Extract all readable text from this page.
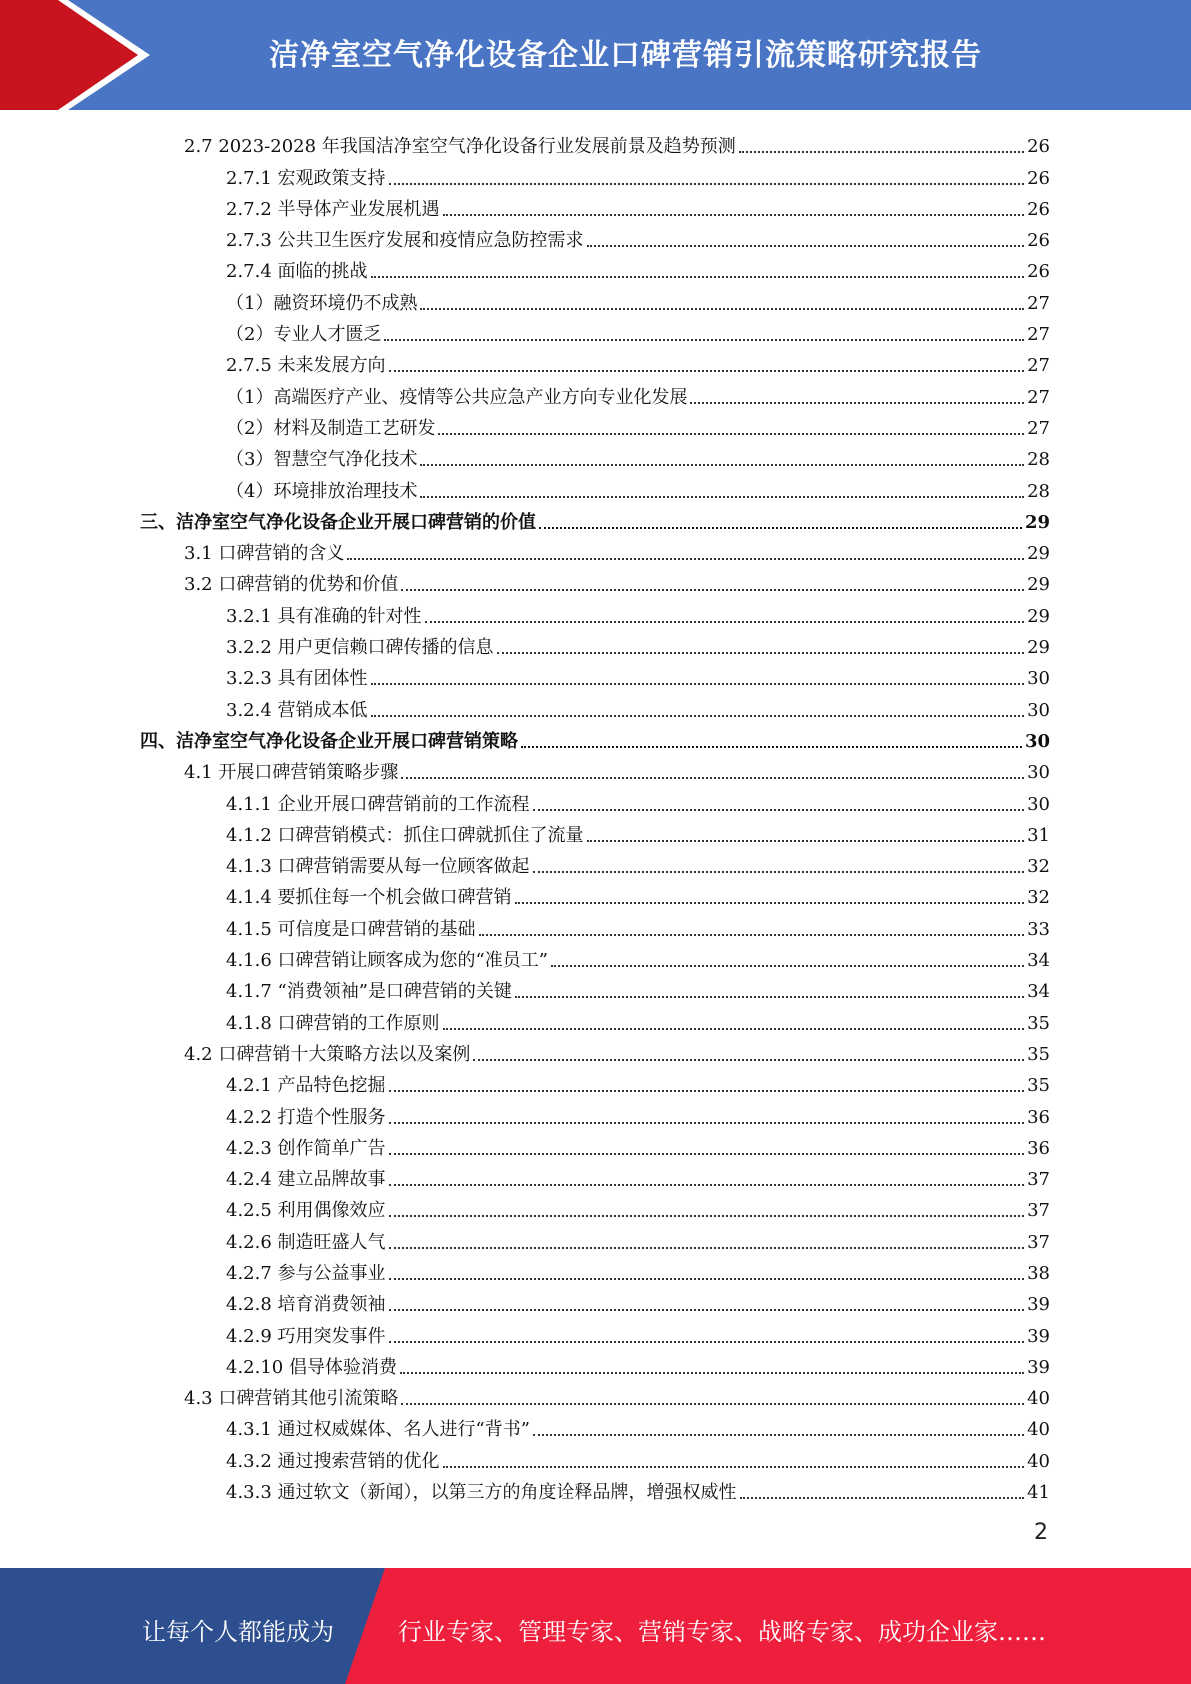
洁净室空气净化设备企业口碑营销引流策略研究报告
2.7 2023-2028 年我国洁净室空气净化设备行业发展前景及趋势预测	26
2.7.1 宏观政策支持	26
2.7.2 半导体产业发展机遇	26
2.7.3 公共卫生医疗发展和疫情应急防控需求	26
2.7.4 面临的挑战	26
（1）融资环境仍不成熟	27
（2）专业人才匮乏	27
2.7.5 未来发展方向	27
（1）高端医疗产业、疫情等公共应急产业方向专业化发展	27
（2）材料及制造工艺研发	27
（3）智慧空气净化技术	28
（4）环境排放治理技术	28
三、洁净室空气净化设备企业开展口碑营销的价值	29
3.1 口碑营销的含义	29
3.2 口碑营销的优势和价值	29
3.2.1 具有准确的针对性	29
3.2.2 用户更信赖口碑传播的信息	29
3.2.3 具有团体性	30
3.2.4 营销成本低	30
四、洁净室空气净化设备企业开展口碑营销策略	30
4.1 开展口碑营销策略步骤	30
4.1.1 企业开展口碑营销前的工作流程	30
4.1.2 口碑营销模式：抓住口碑就抓住了流量	31
4.1.3 口碑营销需要从每一位顾客做起	32
4.1.4 要抓住每一个机会做口碑营销	32
4.1.5 可信度是口碑营销的基础	33
4.1.6 口碑营销让顾客成为您的“准员工”	34
4.1.7 “消费领袖”是口碑营销的关键	34
4.1.8 口碑营销的工作原则	35
4.2 口碑营销十大策略方法以及案例	35
4.2.1 产品特色挖掘	35
4.2.2 打造个性服务	36
4.2.3 创作简单广告	36
4.2.4 建立品牌故事	37
4.2.5 利用偶像效应	37
4.2.6 制造旺盛人气	37
4.2.7 参与公益事业	38
4.2.8 培育消费领袖	39
4.2.9 巧用突发事件	39
4.2.10 倡导体验消费	39
4.3 口碑营销其他引流策略	40
4.3.1 通过权威媒体、名人进行“背书”	40
4.3.2 通过搜索营销的优化	40
4.3.3 通过软文（新闻），以第三方的角度诠释品牌，增强权威性	41
2
让每个人都能成为	行业专家、管理专家、营销专家、战略专家、成功企业家……
